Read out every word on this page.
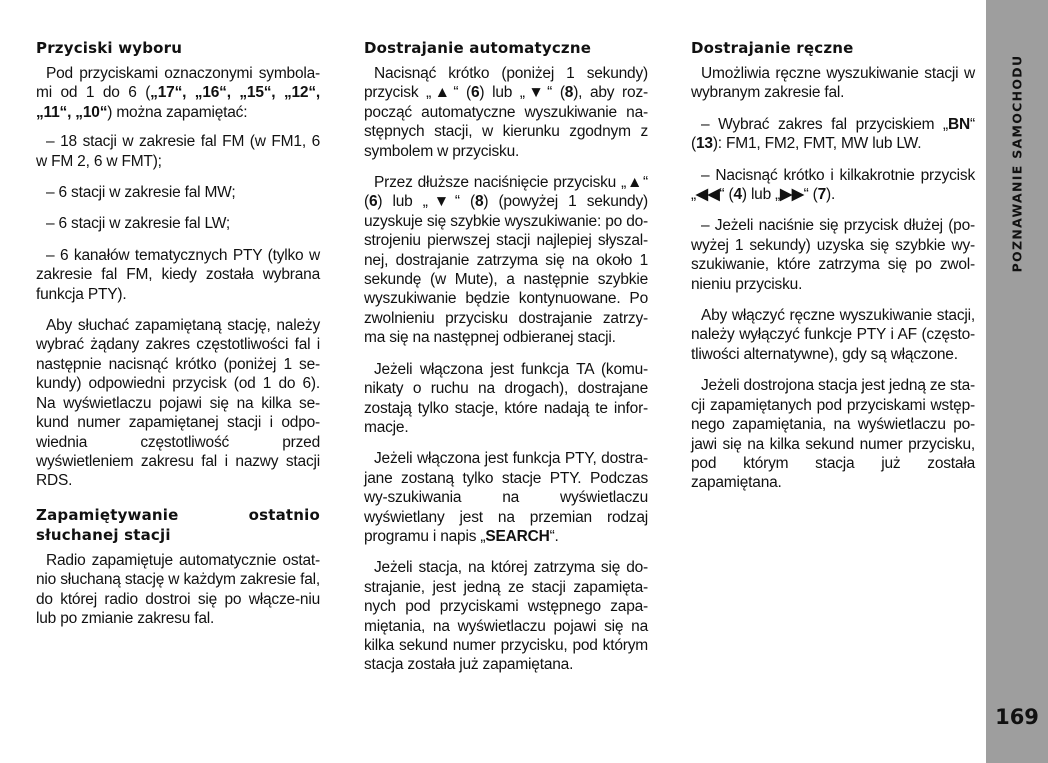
Przyciski wyboru

Pod przyciskami oznaczonymi symbola-mi od 1 do 6 („17“, „16“, „15“, „12“, „11“, „10“) można zapamiętać:

– 18 stacji w zakresie fal FM (w FM1, 6 w FM 2, 6 w FMT);

– 6 stacji w zakresie fal MW;

– 6 stacji w zakresie fal LW;

– 6 kanałów tematycznych PTY (tylko w zakresie fal FM, kiedy została wybrana funkcja PTY).

Aby słuchać zapamiętaną stację, należy wybrać żądany zakres częstotliwości fal i następnie nacisnąć krótko (poniżej 1 se-kundy) odpowiedni przycisk (od 1 do 6). Na wyświetlaczu pojawi się na kilka se-kund numer zapamiętanej stacji i odpo-wiednia częstotliwość przed wyświetleniem zakresu fal i nazwy stacji RDS.

Zapamiętywanie ostatnio słuchanej stacji

Radio zapamiętuje automatycznie ostat-nio słuchaną stację w każdym zakresie fal, do której radio dostroi się po włącze-niu lub po zmianie zakresu fal.

Dostrajanie automatyczne

Nacisnąć krótko (poniżej 1 sekundy) przycisk „▲“ (6) lub „▼“ (8), aby roz-począć automatyczne wyszukiwanie na-stępnych stacji, w kierunku zgodnym z symbolem w przycisku.

Przez dłuższe naciśnięcie przycisku „▲“ (6) lub „▼“ (8) (powyżej 1 sekundy) uzyskuje się szybkie wyszukiwanie: po do-strojeniu pierwszej stacji najlepiej słyszal-nej, dostrajanie zatrzyma się na około 1 sekundę (w Mute), a następnie szybkie wyszukiwanie będzie kontynuowane. Po zwolnieniu przycisku dostrajanie zatrzy-ma się na następnej odbieranej stacji.

Jeżeli włączona jest funkcja TA (komu-nikaty o ruchu na drogach), dostrajane zostają tylko stacje, które nadają te infor-macje.

Jeżeli włączona jest funkcja PTY, dostra-jane zostaną tylko stacje PTY. Podczas wy-szukiwania na wyświetlaczu wyświetlany jest na przemian rodzaj programu i napis „SEARCH“.

Jeżeli stacja, na której zatrzyma się do-strajanie, jest jedną ze stacji zapamięta-nych pod przyciskami wstępnego zapa-miętania, na wyświetlaczu pojawi się na kilka sekund numer przycisku, pod którym stacja została już zapamiętana.

Dostrajanie ręczne

Umożliwia ręczne wyszukiwanie stacji w wybranym zakresie fal.

– Wybrać zakres fal przyciskiem „BN“ (13): FM1, FM2, FMT, MW lub LW.

– Nacisnąć krótko i kilkakrotnie przycisk „◀◀“ (4) lub „▶▶“ (7).

– Jeżeli naciśnie się przycisk dłużej (po-wyżej 1 sekundy) uzyska się szybkie wy-szukiwanie, które zatrzyma się po zwol-nieniu przycisku.

Aby włączyć ręczne wyszukiwanie stacji, należy wyłączyć funkcje PTY i AF (często-tliwości alternatywne), gdy są włączone.

Jeżeli dostrojona stacja jest jedną ze sta-cji zapamiętanych pod przyciskami wstęp-nego zapamiętania, na wyświetlaczu po-jawi się na kilka sekund numer przycisku, pod którym stacja już została zapamiętana.

POZNAWANIE SAMOCHODU
169
